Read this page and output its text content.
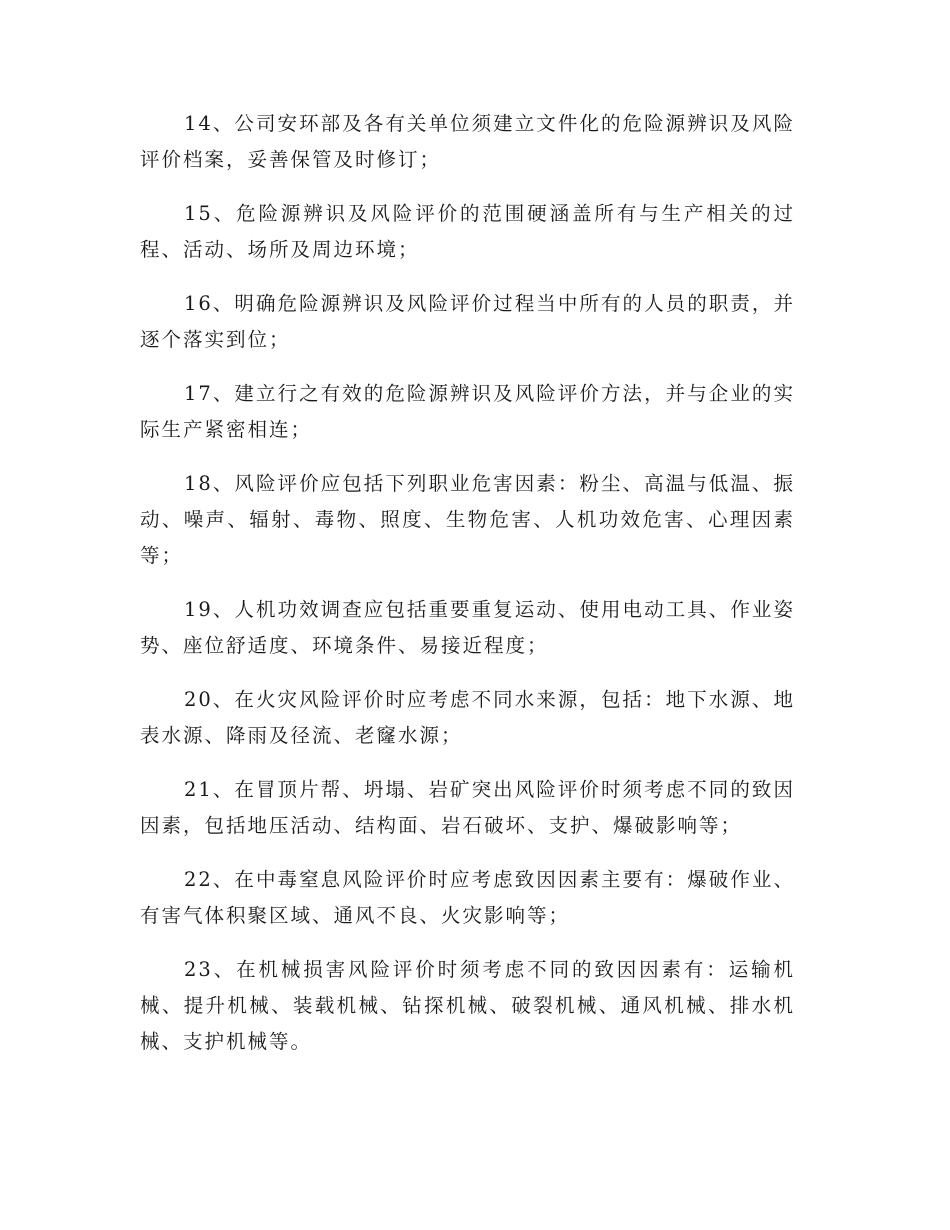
14、公司安环部及各有关单位须建立文件化的危险源辨识及风险评价档案，妥善保管及时修订；

15、危险源辨识及风险评价的范围硬涵盖所有与生产相关的过程、活动、场所及周边环境；

16、明确危险源辨识及风险评价过程当中所有的人员的职责，并逐个落实到位；

17、建立行之有效的危险源辨识及风险评价方法，并与企业的实际生产紧密相连；

18、风险评价应包括下列职业危害因素：粉尘、高温与低温、振动、噪声、辐射、毒物、照度、生物危害、人机功效危害、心理因素等；

19、人机功效调查应包括重要重复运动、使用电动工具、作业姿势、座位舒适度、环境条件、易接近程度；

20、在火灾风险评价时应考虑不同水来源，包括：地下水源、地表水源、降雨及径流、老窿水源；

21、在冒顶片帮、坍塌、岩矿突出风险评价时须考虑不同的致因因素，包括地压活动、结构面、岩石破坏、支护、爆破影响等；

22、在中毒窒息风险评价时应考虑致因因素主要有：爆破作业、有害气体积聚区域、通风不良、火灾影响等；

23、在机械损害风险评价时须考虑不同的致因因素有：运输机械、提升机械、装载机械、钻探机械、破裂机械、通风机械、排水机械、支护机械等。
